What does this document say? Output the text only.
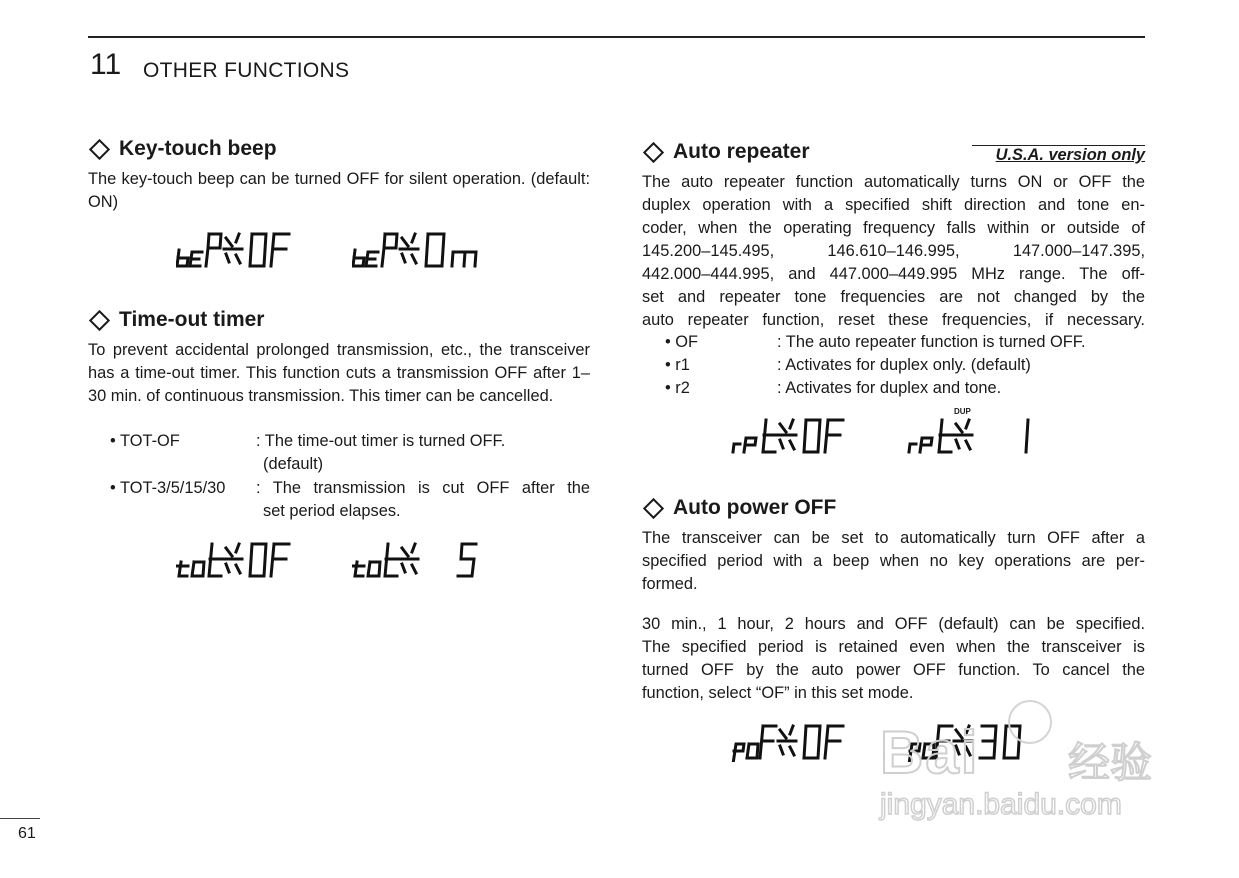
11 OTHER FUNCTIONS
Key-touch beep

The key-touch beep can be turned OFF for silent operation. (default: ON)

Time-out timer

To prevent accidental prolonged transmission, etc., the transceiver has a time-out timer. This function cuts a transmission OFF after 1–30 min. of continuous transmission. This timer can be cancelled.

• TOT-OF	: The time-out timer is turned OFF.
(default)
• TOT-3/5/15/30 : The transmission is cut OFF after the
set period elapses.
Auto repeater	U.S.A. version only

The auto repeater function automatically turns ON or OFF the

duplex operation with a specified shift direction and tone en-

coder, when the operating frequency falls within or outside of

145.200–145.495,  146.610–146.995,  147.000–147.395,

442.000–444.995, and 447.000–449.995 MHz range. The off-

set and repeater tone frequencies are not changed by the

auto repeater function, reset these frequencies, if necessary.

• OF	: The auto repeater function is turned OFF.
• r1	: Activates for duplex only. (default)
• r2	: Activates for duplex and tone.
DUP
Auto power OFF

The transceiver can be set to automatically turn OFF after a

specified period with a beep when no key operations are per-

formed.

30 min., 1 hour, 2 hours and OFF (default) can be specified.

The specified period is retained even when the transceiver is

turned OFF by the auto power OFF function. To cancel the

function, select “OF” in this set mode.

Bai 经验
jingyan.baidu.com
61
